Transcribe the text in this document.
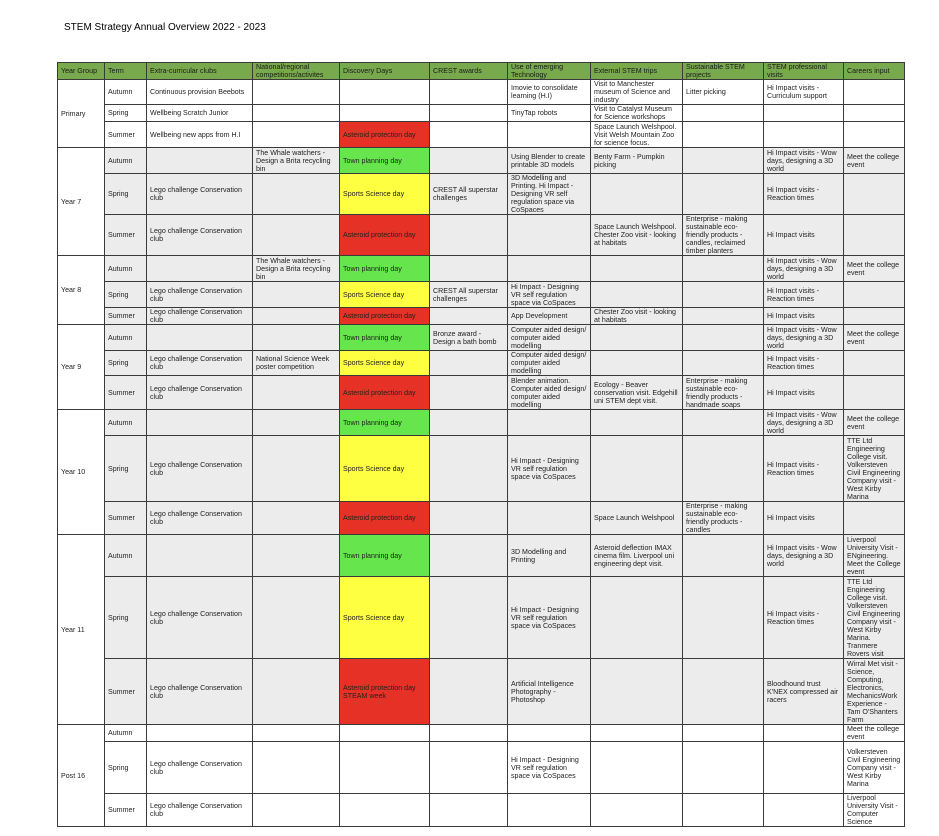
STEM Strategy Annual Overview 2022 - 2023
Year Group	Term	Extra-curricular clubs	National/regional competitions/activites	Discovery Days	CREST awards	Use of emerging Technology	External STEM trips	Sustainable STEM projects	STEM professional visits	Careers input
Primary	Autumn	Continuous provision Beebots				Imovie to consolidate learning (H.I)	Visit to Manchester museum of Science and industry	Litter picking	Hi Impact visits - Curriculum support	
	Spring	Wellbeing Scratch Junior				TinyTap robots	Visit to Catalyst Museum for Science workshops			
	Summer	Wellbeing new apps from H.I		Asteroid protection day			Space Launch Welshpool. Visit Welsh Mountain Zoo for science focus.			
Year 7	Autumn		The Whale watchers - Design a Brita recycling bin	Town planning day		Using Blender to create printable 3D models	Benty Farm - Pumpkin picking		Hi Impact visits - Wow days, designing a 3D world	Meet the college event
	Spring	Lego challenge Conservation club		Sports Science day	CREST All superstar challenges	3D Modelling and Printing. Hi Impact - Designing VR self regulation space via CoSpaces			Hi Impact visits - Reaction times	
	Summer	Lego challenge Conservation club		Asteroid protection day			Space Launch Welshpool. Chester Zoo visit - looking at habitats	Enterprise - making sustainable eco-friendly products - candles, reclaimed timber planters	Hi Impact visits	
Year 8	Autumn		The Whale watchers - Design a Brita recycling bin	Town planning day					Hi Impact visits - Wow days, designing a 3D world	Meet the college event
	Spring	Lego challenge Conservation club		Sports Science day	CREST All superstar challenges	Hi Impact - Designing VR self regulation space via CoSpaces			Hi Impact visits - Reaction times	
	Summer	Lego challenge Conservation club		Asteroid protection day		App Development	Chester Zoo visit - looking at habitats		Hi Impact visits	
Year 9	Autumn			Town planning day	Bronze award - Design a bath bomb	Computer aided design/ computer aided modelling			Hi Impact visits - Wow days, designing a 3D world	Meet the college event
	Spring	Lego challenge Conservation club	National Science Week poster competition	Sports Science day		Computer aided design/ computer aided modelling			Hi Impact visits - Reaction times	
	Summer	Lego challenge Conservation club		Asteroid protection day		Blender animation. Computer aided design/ computer aided modelling	Ecology - Beaver conservation visit. Edgehill uni STEM dept visit.	Enterprise - making sustainable eco-friendly products - handmade soaps	Hi Impact visits	
Year 10	Autumn			Town planning day					Hi Impact visits - Wow days, designing a 3D world	Meet the college event
	Spring	Lego challenge Conservation club		Sports Science day		Hi Impact - Designing VR self regulation space via CoSpaces			Hi Impact visits - Reaction times	TTE Ltd Engineering College visit. Volkersteven Civil Engineering Company visit - West Kirby Marina
	Summer	Lego challenge Conservation club		Asteroid protection day			Space Launch Welshpool	Enterprise - making sustainable eco-friendly products - candles	Hi Impact visits	
Year 11	Autumn			Town planning day		3D Modelling and Printing	Asteroid deflection IMAX cinema film. Liverpool uni engineering dept visit.		Hi Impact visits - Wow days, designing a 3D world	Liverpool University Visit - ENgineering. Meet the College event
	Spring	Lego challenge Conservation club		Sports Science day		Hi Impact - Designing VR self regulation space via CoSpaces			Hi Impact visits - Reaction times	TTE Ltd Engineering College visit. Volkersteven Civil Engineering Company visit - West Kirby Marina. Tranmere Rovers visit
	Summer	Lego challenge Conservation club		Asteroid protection day STEAM week		Artificial Intelligence Photography - Photoshop			Bloodhound trust K'NEX compressed air racers	Wirral Met visit - Science, Computing, Electronics, MechanicsWork Experience - Tam O'Shanters Farm
Post 16	Autumn									Meet the college event
	Spring	Lego challenge Conservation club				Hi Impact - Designing VR self regulation space via CoSpaces				Volkersteven Civil Engineering Company visit - West Kirby Marina
	Summer	Lego challenge Conservation club								Liverpool University Visit - Computer Science
